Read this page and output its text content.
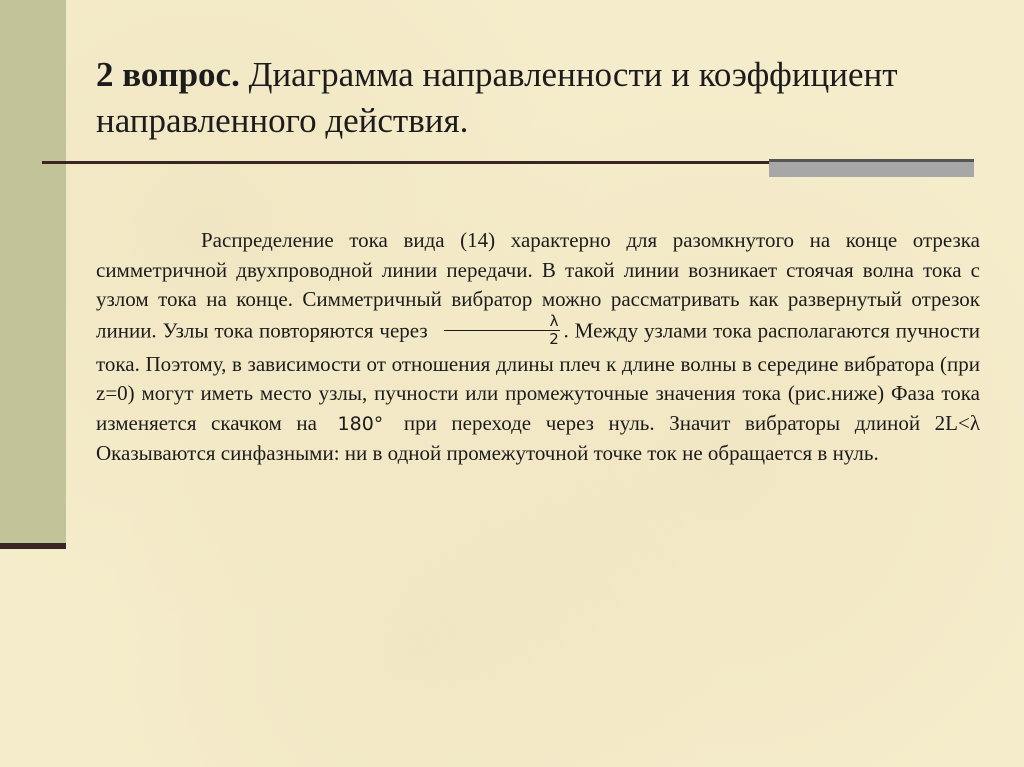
2 вопрос. Диаграмма направленности и коэффициент направленного действия.

Распределение тока вида (14) характерно для разомкнутого на конце отрезка симметричной двухпроводной линии передачи. В такой линии возникает стоячая волна тока с узлом тока на конце. Симметричный вибратор можно рассматривать как развернутый отрезок линии. Узлы тока повторяются через $\frac{\lambda}{2}$ . Между узлами тока располагаются пучности тока. Поэтому, в зависимости от отношения длины плеч к длине волны в середине вибратора (при z=0) могут иметь место узлы, пучности или промежуточные значения тока (рис.ниже) Фаза тока изменяется скачком на 180° при переходе через нуль. Значит вибраторы длиной 2L<λ Оказываются синфазными: ни в одной промежуточной точке ток не обращается в нуль.
